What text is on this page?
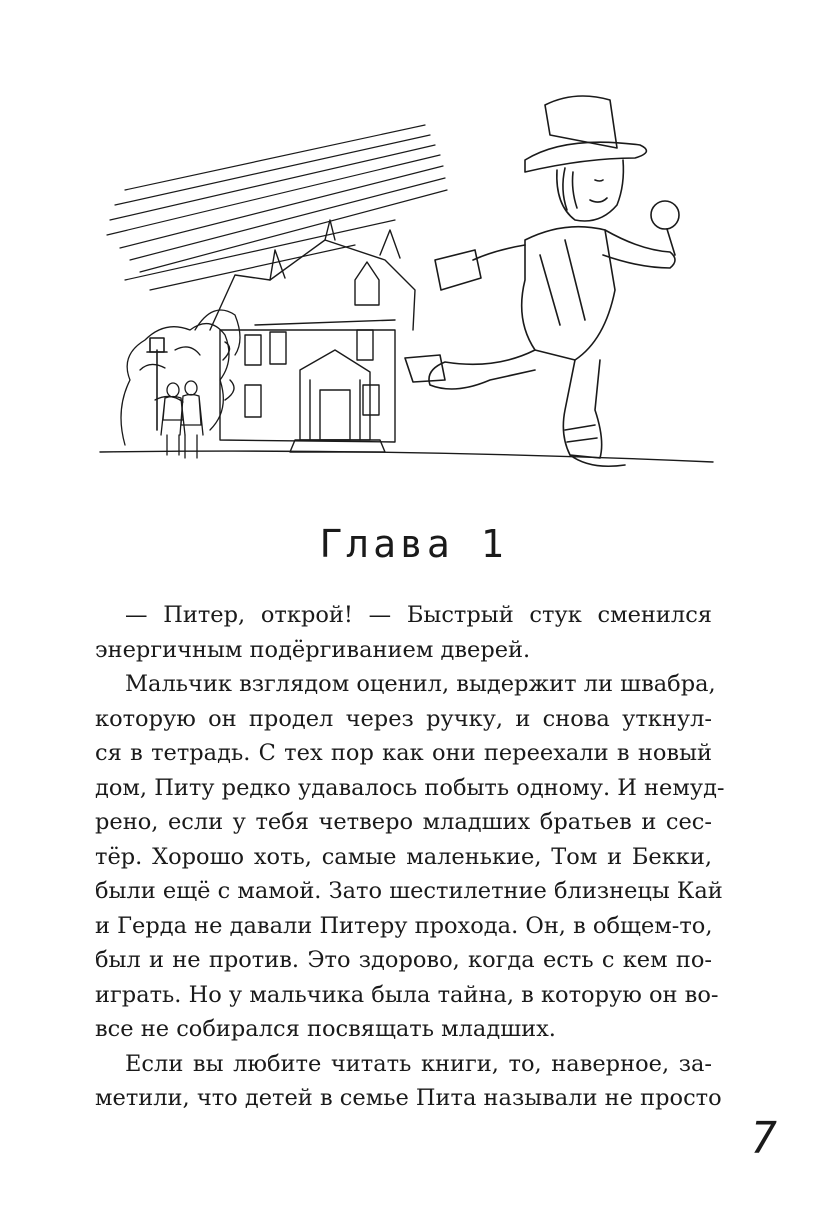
Глава 1
— Питер, открой! — Быстрый стук сменился
энергичным подёргиванием дверей.
Мальчик взглядом оценил, выдержит ли швабра,
которую он продел через ручку, и снова уткнул-
ся в тетрадь. С тех пор как они переехали в новый
дом, Питу редко удавалось побыть одному. И немуд-
рено, если у тебя четверо младших братьев и сес-
тёр. Хорошо хоть, самые маленькие, Том и Бекки,
были ещё с мамой. Зато шестилетние близнецы Кай
и Герда не давали Питеру прохода. Он, в общем-то,
был и не против. Это здорово, когда есть с кем по-
играть. Но у мальчика была тайна, в которую он во-
все не собирался посвящать младших.
Если вы любите читать книги, то, наверное, за-
метили, что детей в семье Пита называли не просто
7
